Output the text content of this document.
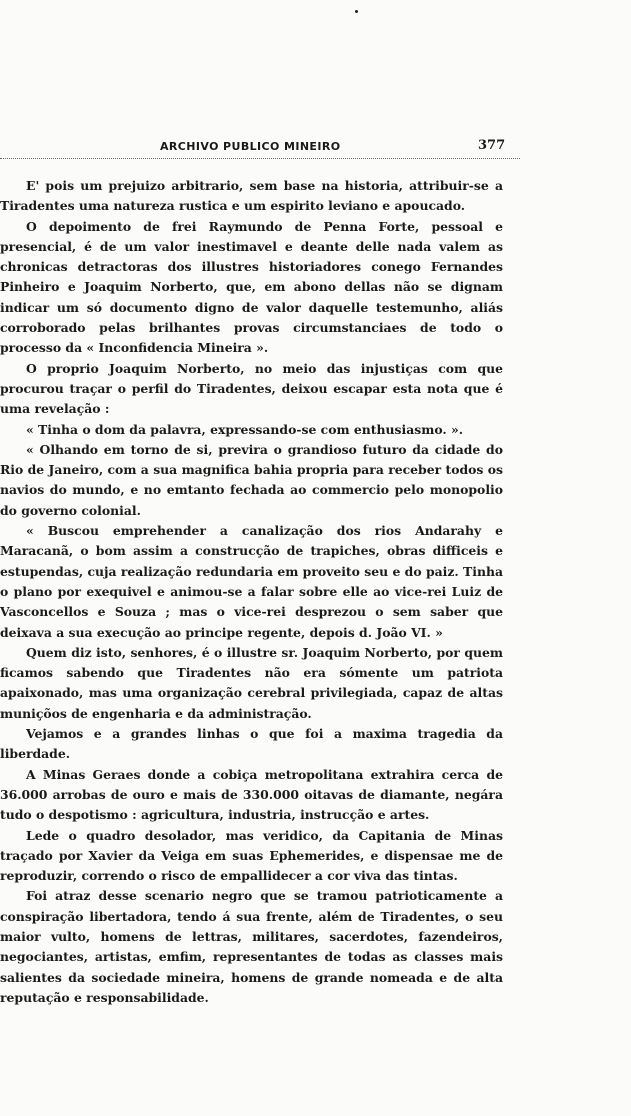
ARCHIVO PUBLICO MINEIRO	377

E' pois um prejuizo arbitrario, sem base na historia, attribuir-se a Tiradentes uma natureza rustica e um espirito leviano e apoucado.

O depoimento de frei Raymundo de Penna Forte, pessoal e presencial, é de um valor inestimavel e deante delle nada valem as chronicas detractoras dos illustres historiadores conego Fernandes Pinheiro e Joaquim Norberto, que, em abono dellas não se dignam indicar um só documento digno de valor daquelle testemunho, aliás corroborado pelas brilhantes provas circumstanciaes de todo o processo da « Inconfidencia Mineira ».

O proprio Joaquim Norberto, no meio das injustiças com que procurou traçar o perfil do Tiradentes, deixou escapar esta nota que é uma revelação :

« Tinha o dom da palavra, expressando-se com enthusiasmo. ».

« Olhando em torno de si, previra o grandioso futuro da cidade do Rio de Janeiro, com a sua magnifica bahia propria para receber todos os navios do mundo, e no emtanto fechada ao commercio pelo monopolio do governo colonial.

« Buscou emprehender a canalização dos rios Andarahy e Maracanã, o bom assim a construcção de trapiches, obras difficeis e estupendas, cuja realização redundaria em proveito seu e do paiz. Tinha o plano por exequivel e animou-se a falar sobre elle ao vice-rei Luiz de Vasconcellos e Souza ; mas o vice-rei desprezou o sem saber que deixava a sua execução ao principe regente, depois d. João VI. »

Quem diz isto, senhores, é o illustre sr. Joaquim Norberto, por quem ficamos sabendo que Tiradentes não era sómente um patriota apaixonado, mas uma organização cerebral privilegiada, capaz de altas muniçõos de engenharia e da administração.

Vejamos e a grandes linhas o que foi a maxima tragedia da liberdade.

A Minas Geraes donde a cobiça metropolitana extrahira cerca de 36.000 arrobas de ouro e mais de 330.000 oitavas de diamante, negára tudo o despotismo : agricultura, industria, instrucção e artes.

Lede o quadro desolador, mas veridico, da Capitania de Minas traçado por Xavier da Veiga em suas Ephemerides, e dispensae me de reproduzir, correndo o risco de empallidecer a cor viva das tintas.

Foi atraz desse scenario negro que se tramou patrioticamente a conspiração libertadora, tendo á sua frente, além de Tiradentes, o seu maior vulto, homens de lettras, militares, sacerdotes, fazendeiros, negociantes, artistas, emfim, representantes de todas as classes mais salientes da sociedade mineira, homens de grande nomeada e de alta reputação e responsabilidade.
